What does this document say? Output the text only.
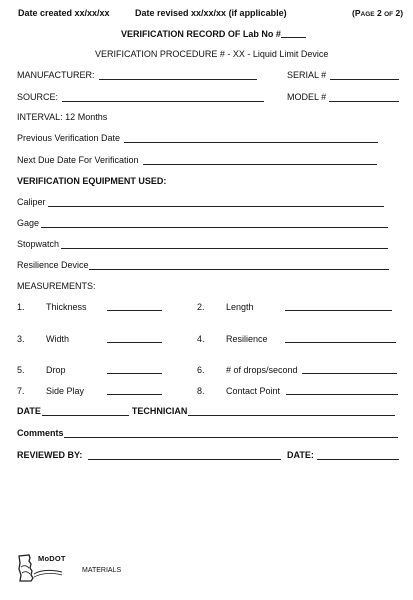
Date created xx/xx/xx	Date revised xx/xx/xx (if applicable)	(PAGE 2 OF 2)
VERIFICATION RECORD OF Lab No #
VERIFICATION PROCEDURE # - XX - Liquid Limit Device
MANUFACTURER:	SERIAL #
SOURCE:	MODEL #
INTERVAL: 12 Months
Previous Verification Date
Next Due Date For Verification
VERIFICATION EQUIPMENT USED:
Caliper
Gage
Stopwatch
Resilience Device
MEASUREMENTS:
1. Thickness	2. Length
3. Width	4. Resilience
5. Drop	6. # of drops/second
7. Side Play	8. Contact Point
DATE	TECHNICIAN
Comments
REVIEWED BY:	DATE:
MoDOT
MATERIALS
